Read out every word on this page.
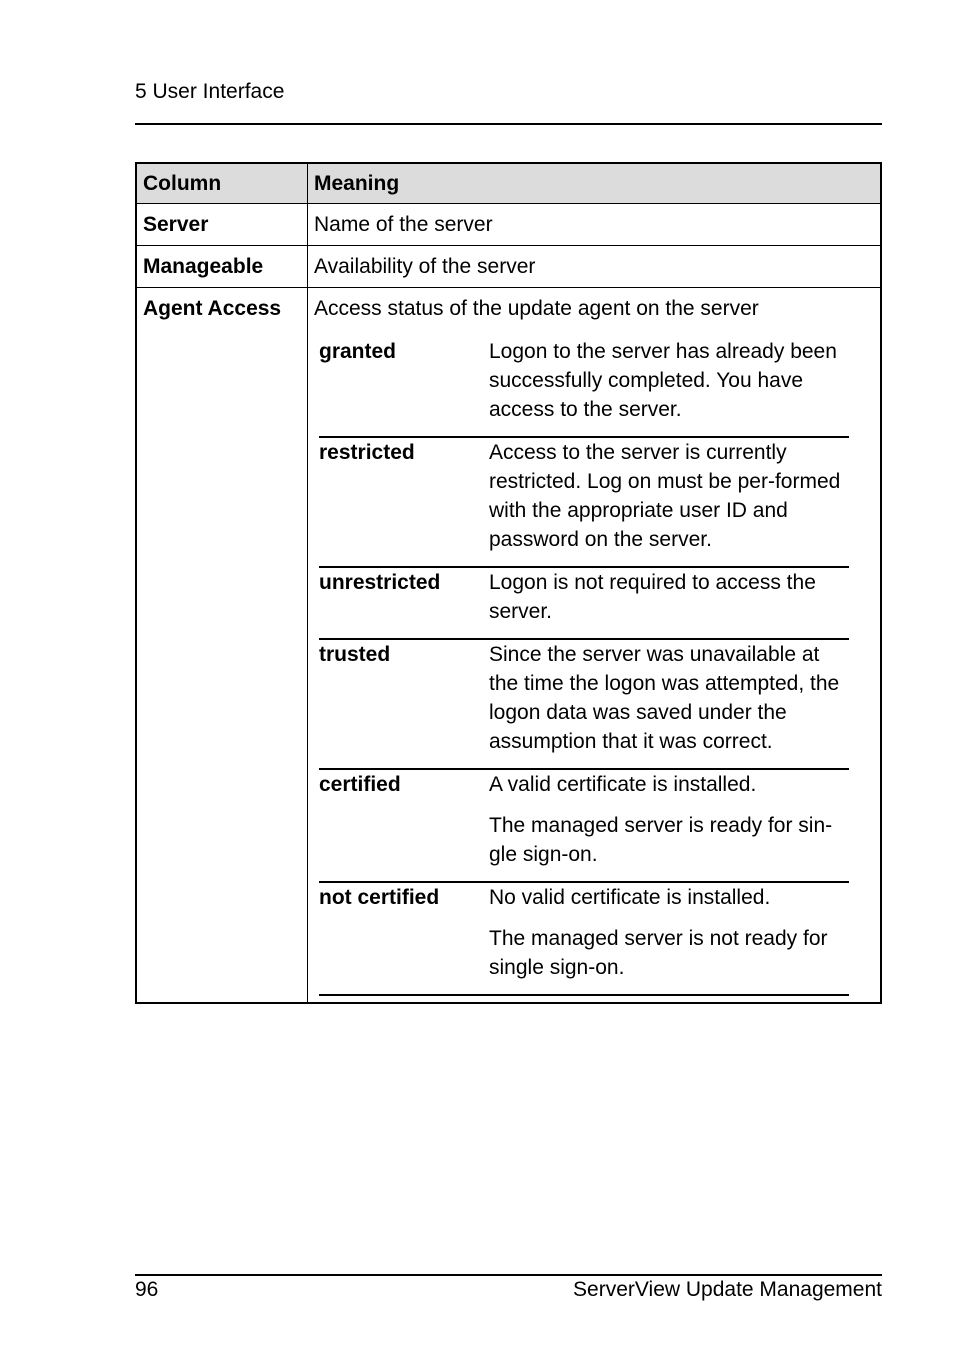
5 User Interface
Column	Meaning
Server	Name of the server
Manageable	Availability of the server
Agent Access	Access status of the update agent on the server
granted	Logon to the server has already been successfully completed. You have access to the server.

restricted	Access to the server is currently restricted. Log on must be per-formed with the appropriate user ID and password on the server.

unrestricted	Logon is not required to access the server.

trusted	Since the server was unavailable at the time the logon was attempted, the logon data was saved under the assumption that it was correct.

certified	A valid certificate is installed.

The managed server is ready for sin-gle sign-on.

not certified	No valid certificate is installed.

The managed server is not ready for single sign-on.

96	ServerView Update Management
